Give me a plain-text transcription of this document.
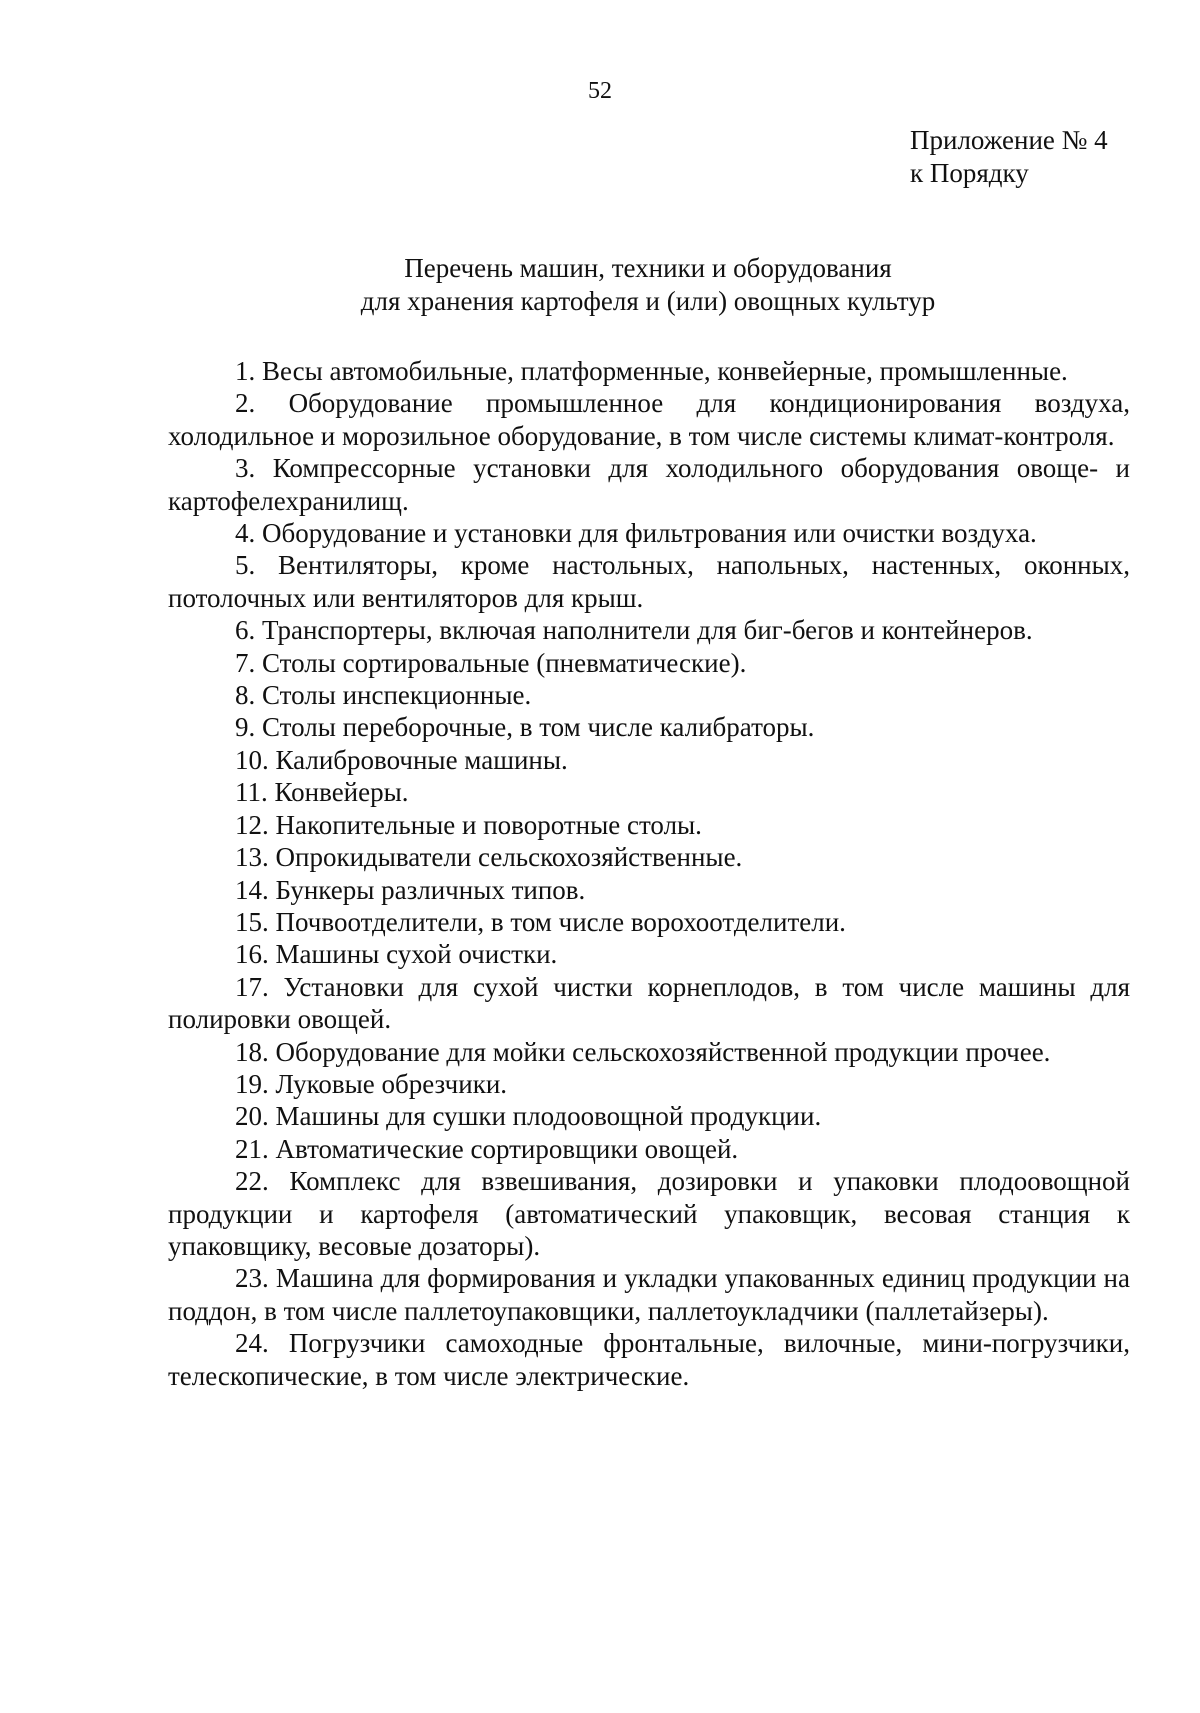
52
Приложение № 4
к Порядку
Перечень машин, техники и оборудования
для хранения картофеля и (или) овощных культур

1. Весы автомобильные, платформенные, конвейерные, промышленные.

2. Оборудование промышленное для кондиционирования воздуха, холодильное и морозильное оборудование, в том числе системы климат-контроля.

3. Компрессорные установки для холодильного оборудования овоще- и картофелехранилищ.

4. Оборудование и установки для фильтрования или очистки воздуха.

5. Вентиляторы, кроме настольных, напольных, настенных, оконных, потолочных или вентиляторов для крыш.

6. Транспортеры, включая наполнители для биг-бегов и контейнеров.

7. Столы сортировальные (пневматические).

8. Столы инспекционные.

9. Столы переборочные, в том числе калибраторы.

10. Калибровочные машины.

11. Конвейеры.

12. Накопительные и поворотные столы.

13. Опрокидыватели сельскохозяйственные.

14. Бункеры различных типов.

15. Почвоотделители, в том числе ворохоотделители.

16. Машины сухой очистки.

17. Установки для сухой чистки корнеплодов, в том числе машины для полировки овощей.

18. Оборудование для мойки сельскохозяйственной продукции прочее.

19. Луковые обрезчики.

20. Машины для сушки плодоовощной продукции.

21. Автоматические сортировщики овощей.

22. Комплекс для взвешивания, дозировки и упаковки плодоовощной продукции и картофеля (автоматический упаковщик, весовая станция к упаковщику, весовые дозаторы).

23. Машина для формирования и укладки упакованных единиц продукции на поддон, в том числе паллетоупаковщики, паллетоукладчики (паллетайзеры).

24. Погрузчики самоходные фронтальные, вилочные, мини-погрузчики, телескопические, в том числе электрические.
